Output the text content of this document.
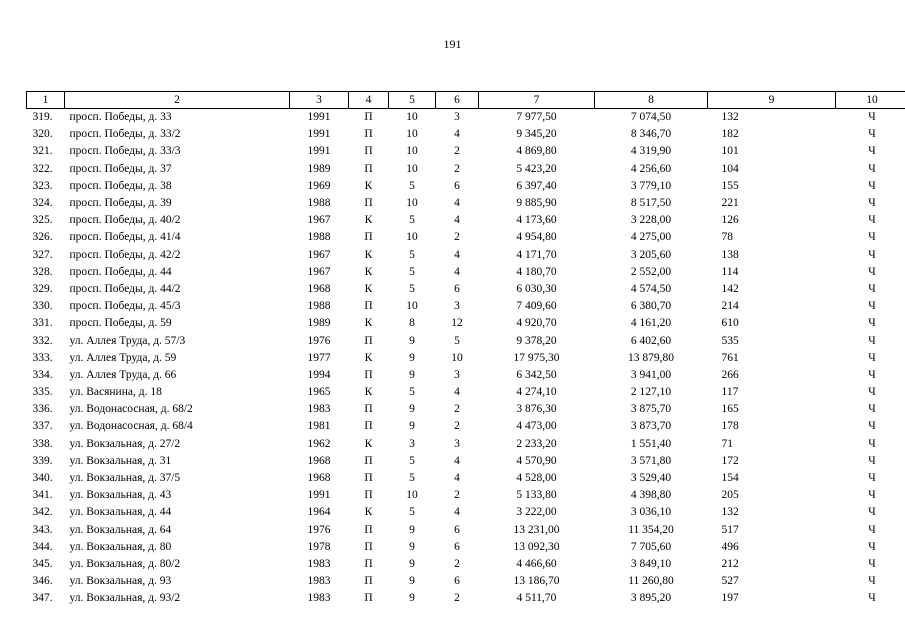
191
1	2	3	4	5	6	7	8	9	10
319.	просп. Победы, д. 33	1991	П	10	3	7 977,50	7 074,50	132	Ч
320.	просп. Победы, д. 33/2	1991	П	10	4	9 345,20	8 346,70	182	Ч
321.	просп. Победы, д. 33/3	1991	П	10	2	4 869,80	4 319,90	101	Ч
322.	просп. Победы, д. 37	1989	П	10	2	5 423,20	4 256,60	104	Ч
323.	просп. Победы, д. 38	1969	К	5	6	6 397,40	3 779,10	155	Ч
324.	просп. Победы, д. 39	1988	П	10	4	9 885,90	8 517,50	221	Ч
325.	просп. Победы, д. 40/2	1967	К	5	4	4 173,60	3 228,00	126	Ч
326.	просп. Победы, д. 41/4	1988	П	10	2	4 954,80	4 275,00	78	Ч
327.	просп. Победы, д. 42/2	1967	К	5	4	4 171,70	3 205,60	138	Ч
328.	просп. Победы, д. 44	1967	К	5	4	4 180,70	2 552,00	114	Ч
329.	просп. Победы, д. 44/2	1968	К	5	6	6 030,30	4 574,50	142	Ч
330.	просп. Победы, д. 45/3	1988	П	10	3	7 409,60	6 380,70	214	Ч
331.	просп. Победы, д. 59	1989	К	8	12	4 920,70	4 161,20	610	Ч
332.	ул. Аллея Труда, д. 57/3	1976	П	9	5	9 378,20	6 402,60	535	Ч
333.	ул. Аллея Труда, д. 59	1977	К	9	10	17 975,30	13 879,80	761	Ч
334.	ул. Аллея Труда, д. 66	1994	П	9	3	6 342,50	3 941,00	266	Ч
335.	ул. Васянина, д. 18	1965	К	5	4	4 274,10	2 127,10	117	Ч
336.	ул. Водонасосная, д. 68/2	1983	П	9	2	3 876,30	3 875,70	165	Ч
337.	ул. Водонасосная, д. 68/4	1981	П	9	2	4 473,00	3 873,70	178	Ч
338.	ул. Вокзальная, д. 27/2	1962	К	3	3	2 233,20	1 551,40	71	Ч
339.	ул. Вокзальная, д. 31	1968	П	5	4	4 570,90	3 571,80	172	Ч
340.	ул. Вокзальная, д. 37/5	1968	П	5	4	4 528,00	3 529,40	154	Ч
341.	ул. Вокзальная, д. 43	1991	П	10	2	5 133,80	4 398,80	205	Ч
342.	ул. Вокзальная, д. 44	1964	К	5	4	3 222,00	3 036,10	132	Ч
343.	ул. Вокзальная, д. 64	1976	П	9	6	13 231,00	11 354,20	517	Ч
344.	ул. Вокзальная, д. 80	1978	П	9	6	13 092,30	7 705,60	496	Ч
345.	ул. Вокзальная, д. 80/2	1983	П	9	2	4 466,60	3 849,10	212	Ч
346.	ул. Вокзальная, д. 93	1983	П	9	6	13 186,70	11 260,80	527	Ч
347.	ул. Вокзальная, д. 93/2	1983	П	9	2	4 511,70	3 895,20	197	Ч
